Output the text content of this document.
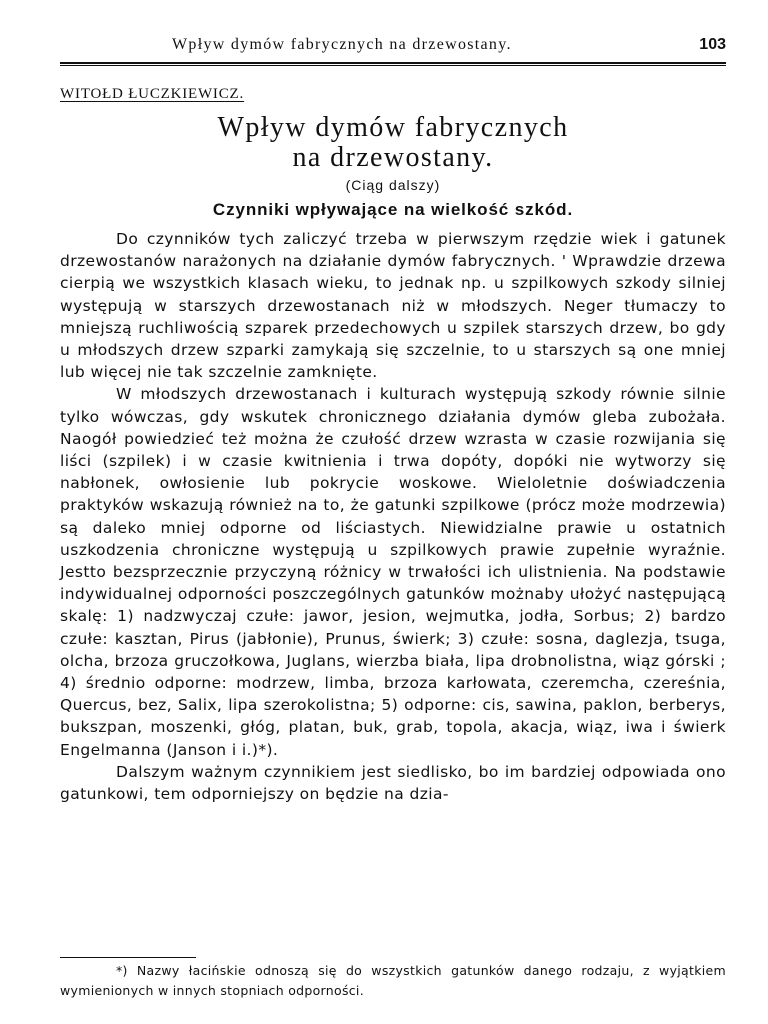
Wpływ dymów fabrycznych na drzewostany.	103
WITOŁD ŁUCZKIEWICZ.
Wpływ dymów fabrycznych
na drzewostany.
(Ciąg dalszy)
Czynniki wpływające na wielkość szkód.

Do czynników tych zaliczyć trzeba w pierwszym rzędzie wiek i gatunek drzewostanów narażonych na działanie dymów fabrycznych. ' Wprawdzie drzewa cierpią we wszystkich klasach wieku, to jednak np. u szpilkowych szkody silniej występują w starszych drzewostanach niż w młodszych. Neger tłumaczy to mniejszą ruchliwością szparek przedechowych u szpilek starszych drzew, bo gdy u młodszych drzew szparki zamykają się szczelnie, to u starszych są one mniej lub więcej nie tak szczelnie zamknięte.

W młodszych drzewostanach i kulturach występują szkody równie silnie tylko wówczas, gdy wskutek chronicznego działania dymów gleba zubożała. Naogół powiedzieć też można że czułość drzew wzrasta w czasie rozwijania się liści (szpilek) i w czasie kwitnienia i trwa dopóty, dopóki nie wytworzy się nabłonek, owłosienie lub pokrycie woskowe. Wieloletnie doświadczenia praktyków wskazują również na to, że gatunki szpilkowe (prócz może modrzewia) są daleko mniej odporne od liściastych. Niewidzialne prawie u ostatnich uszkodzenia chroniczne występują u szpilkowych prawie zupełnie wyraźnie. Jestto bezsprzecznie przyczyną różnicy w trwałości ich ulistnienia. Na podstawie indywidualnej odporności poszczególnych gatunków możnaby ułożyć następującą skalę: 1) nadzwyczaj czułe: jawor, jesion, wejmutka, jodła, Sorbus; 2) bardzo czułe: kasztan, Pirus (jabłonie), Prunus, świerk; 3) czułe: sosna, daglezja, tsuga, olcha, brzoza gruczołkowa, Juglans, wierzba biała, lipa drobnolistna, wiąz górski ; 4) średnio odporne: modrzew, limba, brzoza karłowata, czeremcha, czereśnia, Quercus, bez, Salix, lipa szerokolistna; 5) odporne: cis, sawina, paklon, berberys, bukszpan, moszenki, głóg, platan, buk, grab, topola, akacja, wiąz, iwa i świerk Engelmanna (Janson i i.)*).

Dalszym ważnym czynnikiem jest siedlisko, bo im bardziej odpowiada ono gatunkowi, tem odporniejszy on będzie na dzia-

*) Nazwy łacińskie odnoszą się do wszystkich gatunków danego rodzaju, z wyjątkiem wymienionych w innych stopniach odporności.
